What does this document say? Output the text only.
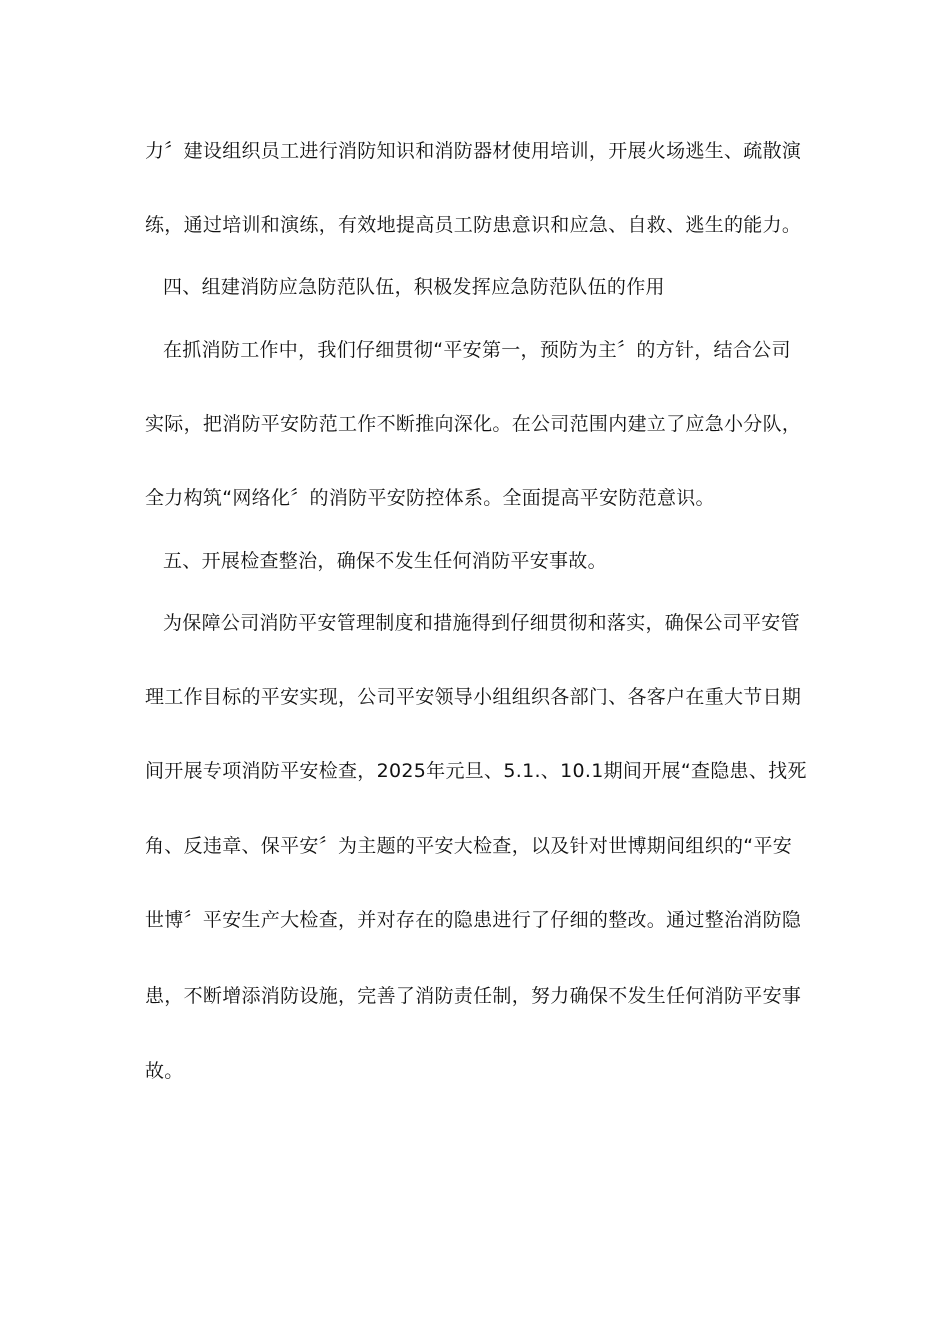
力〞建设组织员工进行消防知识和消防器材使用培训，开展火场逃生、疏散演
练，通过培训和演练，有效地提高员工防患意识和应急、自救、逃生的能力。
四、组建消防应急防范队伍，积极发挥应急防范队伍的作用
在抓消防工作中，我们仔细贯彻“平安第一，预防为主〞的方针，结合公司
实际，把消防平安防范工作不断推向深化。在公司范围内建立了应急小分队，
全力构筑“网络化〞的消防平安防控体系。全面提高平安防范意识。
五、开展检查整治，确保不发生任何消防平安事故。
为保障公司消防平安管理制度和措施得到仔细贯彻和落实，确保公司平安管
理工作目标的平安实现，公司平安领导小组组织各部门、各客户在重大节日期
间开展专项消防平安检查，2025年元旦、5.1.、10.1期间开展“查隐患、找死
角、反违章、保平安〞为主题的平安大检查，以及针对世博期间组织的“平安
世博〞平安生产大检查，并对存在的隐患进行了仔细的整改。通过整治消防隐
患，不断增添消防设施，完善了消防责任制，努力确保不发生任何消防平安事
故。
